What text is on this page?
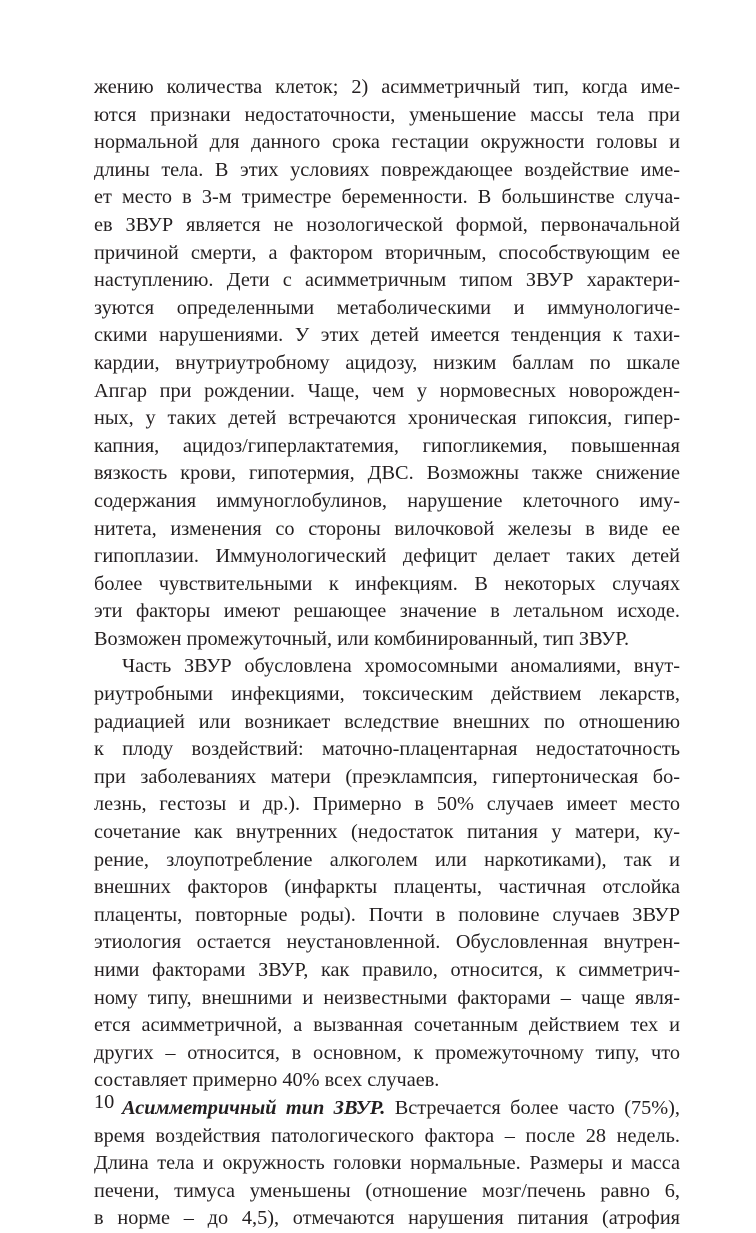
жению количества клеток; 2) асимметричный тип, когда име-
ются признаки недостаточности, уменьшение массы тела при
нормальной для данного срока гестации окружности головы и
длины тела. В этих условиях повреждающее воздействие име-
ет место в 3-м триместре беременности. В большинстве случа-
ев ЗВУР является не нозологической формой, первоначальной
причиной смерти, а фактором вторичным, способствующим ее
наступлению. Дети с асимметричным типом ЗВУР характери-
зуются определенными метаболическими и иммунологиче-
скими нарушениями. У этих детей имеется тенденция к тахи-
кардии, внутриутробному ацидозу, низким баллам по шкале
Апгар при рождении. Чаще, чем у нормовесных новорожден-
ных, у таких детей встречаются хроническая гипоксия, гипер-
капния, ацидоз/гиперлактатемия, гипогликемия, повышенная
вязкость крови, гипотермия, ДВС. Возможны также снижение
содержания иммуноглобулинов, нарушение клеточного иму-
нитета, изменения со стороны вилочковой железы в виде ее
гипоплазии. Иммунологический дефицит делает таких детей
более чувствительными к инфекциям. В некоторых случаях
эти факторы имеют решающее значение в летальном исходе.
Возможен промежуточный, или комбинированный, тип ЗВУР.
Часть ЗВУР обусловлена хромосомными аномалиями, внут-
риутробными инфекциями, токсическим действием лекарств,
радиацией или возникает вследствие внешних по отношению
к плоду воздействий: маточно-плацентарная недостаточность
при заболеваниях матери (преэклампсия, гипертоническая бо-
лезнь, гестозы и др.). Примерно в 50% случаев имеет место
сочетание как внутренних (недостаток питания у матери, ку-
рение, злоупотребление алкоголем или наркотиками), так и
внешних факторов (инфаркты плаценты, частичная отслойка
плаценты, повторные роды). Почти в половине случаев ЗВУР
этиология остается неустановленной. Обусловленная внутрен-
ними факторами ЗВУР, как правило, относится, к симметрич-
ному типу, внешними и неизвестными факторами – чаще явля-
ется асимметричной, а вызванная сочетанным действием тех и
других – относится, в основном, к промежуточному типу, что
составляет примерно 40% всех случаев.
Асимметричный тип ЗВУР. Встречается более часто (75%),
время воздействия патологического фактора – после 28 недель.
Длина тела и окружность головки нормальные. Размеры и масса
печени, тимуса уменьшены (отношение мозг/печень равно 6,
в норме – до 4,5), отмечаются нарушения питания (атрофия
10
